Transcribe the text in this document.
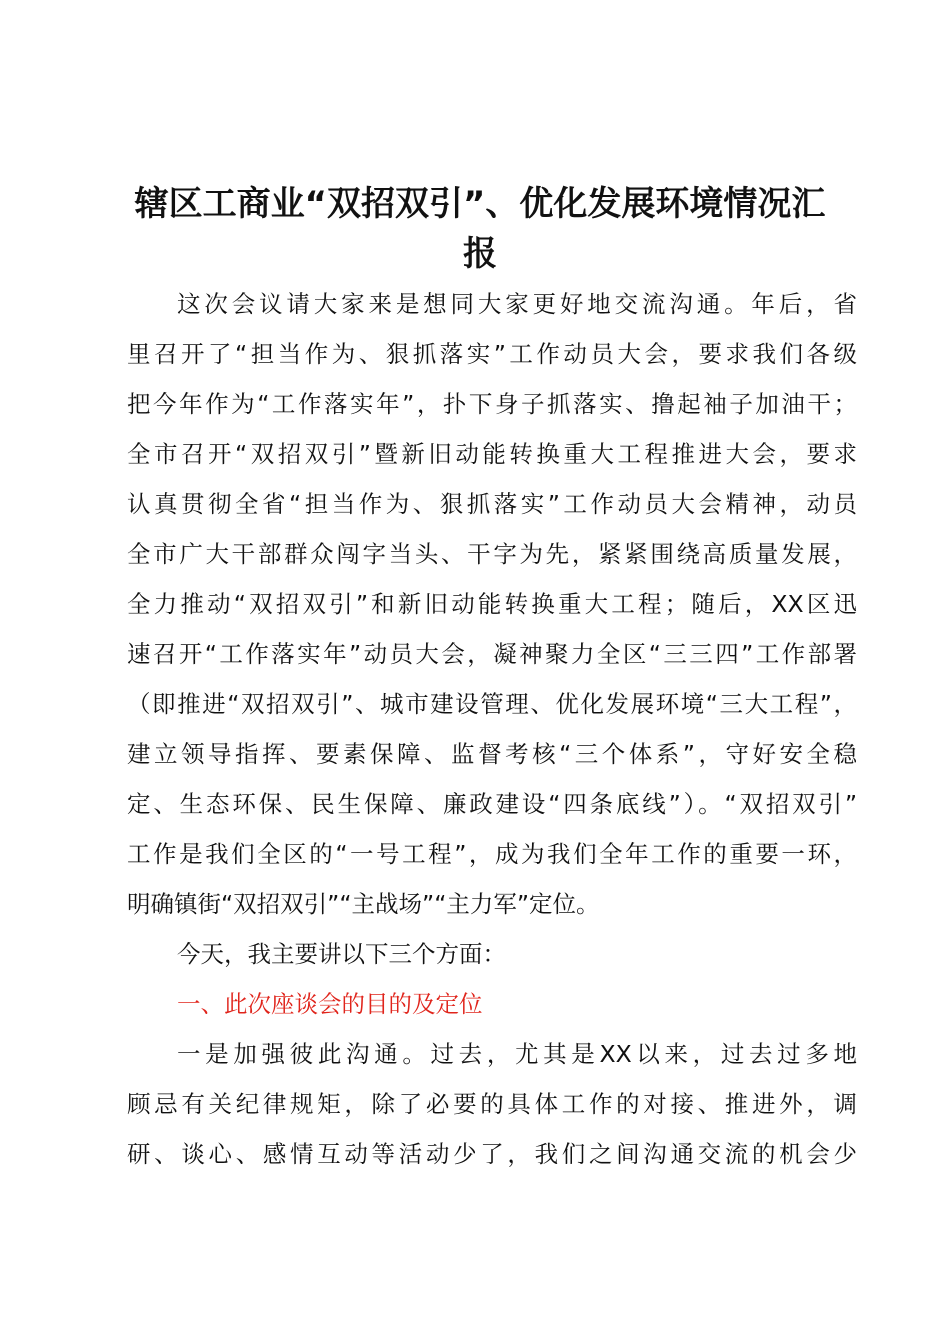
辖区工商业“双招双引”、优化发展环境情况汇
报
这次会议请大家来是想同大家更好地交流沟通。年后，省
里召开了“担当作为、狠抓落实”工作动员大会，要求我们各级
把今年作为“工作落实年”，扑下身子抓落实、撸起袖子加油干；
全市召开“双招双引”暨新旧动能转换重大工程推进大会，要求
认真贯彻全省“担当作为、狠抓落实”工作动员大会精神，动员
全市广大干部群众闯字当头、干字为先，紧紧围绕高质量发展，
全力推动“双招双引”和新旧动能转换重大工程；随后，XX区迅
速召开“工作落实年”动员大会，凝神聚力全区“三三四”工作部署
（即推进“双招双引”、城市建设管理、优化发展环境“三大工程”，
建立领导指挥、要素保障、监督考核“三个体系”，守好安全稳
定、生态环保、民生保障、廉政建设“四条底线”）。“双招双引”
工作是我们全区的“一号工程”，成为我们全年工作的重要一环，
明确镇街“双招双引”“主战场”“主力军”定位。
今天，我主要讲以下三个方面：
一、此次座谈会的目的及定位
一是加强彼此沟通。过去，尤其是XX以来，过去过多地
顾忌有关纪律规矩，除了必要的具体工作的对接、推进外，调
研、谈心、感情互动等活动少了，我们之间沟通交流的机会少
